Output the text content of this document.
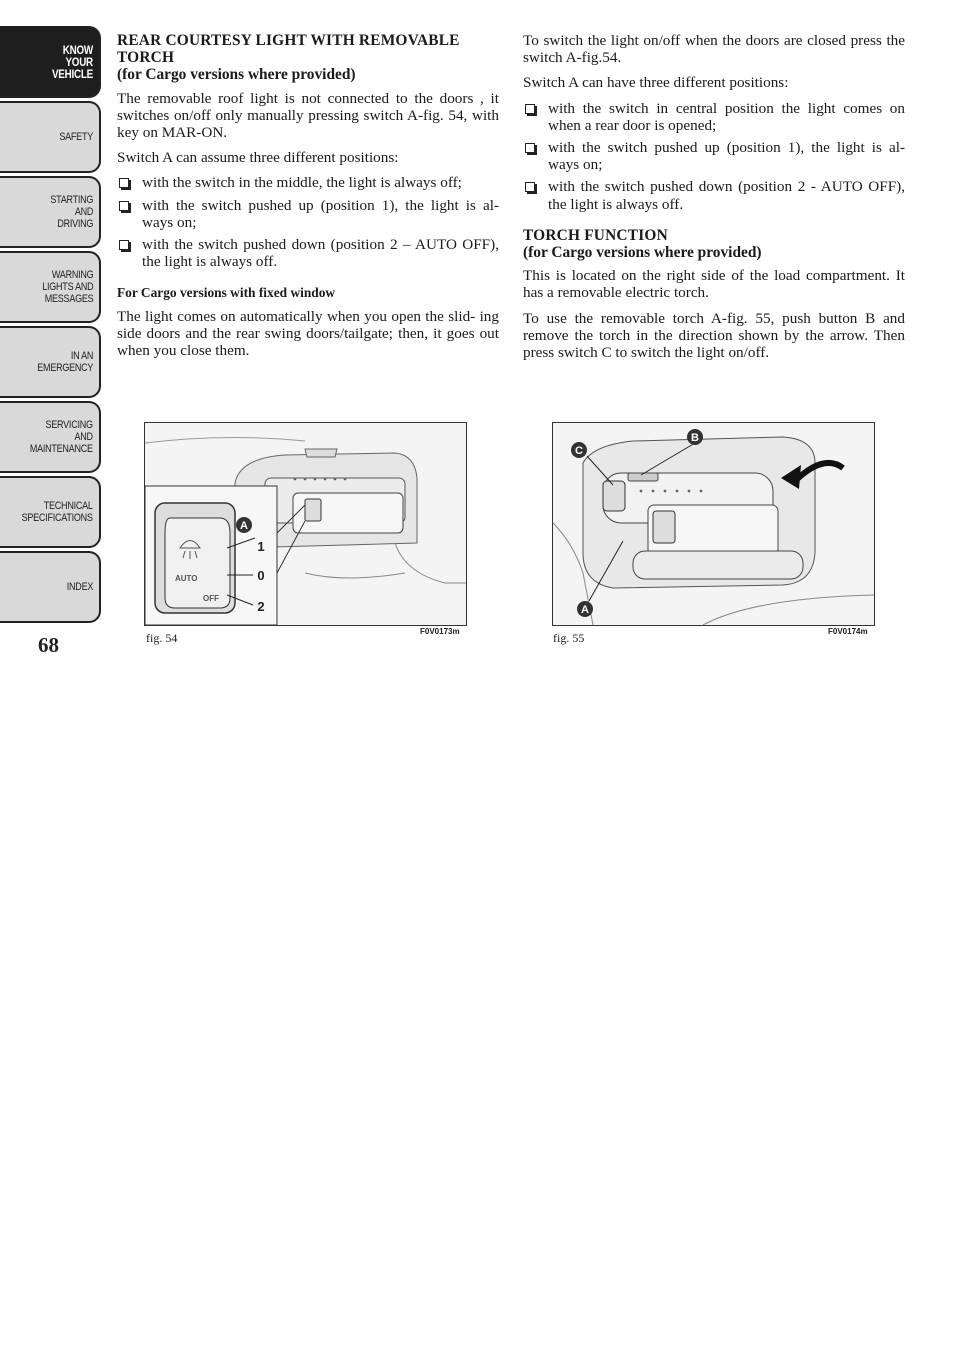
KNOW
YOUR
VEHICLE
SAFETY
STARTING
AND
DRIVING
WARNING
LIGHTS AND
MESSAGES
IN AN
EMERGENCY
SERVICING
AND
MAINTENANCE
TECHNICAL
SPECIFICATIONS
INDEX
68
REAR COURTESY LIGHT WITH REMOVABLE
TORCH
(for Cargo versions where provided)

The removable roof light is not connected to the doors , it switches on/off only manually pressing switch A-fig. 54, with key on MAR-ON.

Switch A can assume three different positions:

with the switch in the middle, the light is always off;
with the switch pushed up (position 1), the light is al- ways on;
with the switch pushed down (position 2 – AUTO OFF), the light is always off.
For Cargo versions with fixed window

The light comes on automatically when you open the slid- ing side doors and the rear swing doors/tailgate; then, it goes out when you close them.

To switch the light on/off when the doors are closed press the switch A-fig.54.

Switch A can have three different positions:

with the switch in central position the light comes on when a rear door is opened;
with the switch pushed up (position 1), the light is al- ways on;
with the switch pushed down (position 2 - AUTO OFF), the light is always off.
TORCH FUNCTION
(for Cargo versions where provided)

This is located on the right side of the load compartment. It has a removable electric torch.

To use the removable torch A-fig. 55, push button B and remove the torch in the direction shown by the arrow. Then press switch C to switch the light on/off.

AUTO
OFF
A
1
0
2
fig. 54	F0V0173m
C
B
A
fig. 55	F0V0174m
